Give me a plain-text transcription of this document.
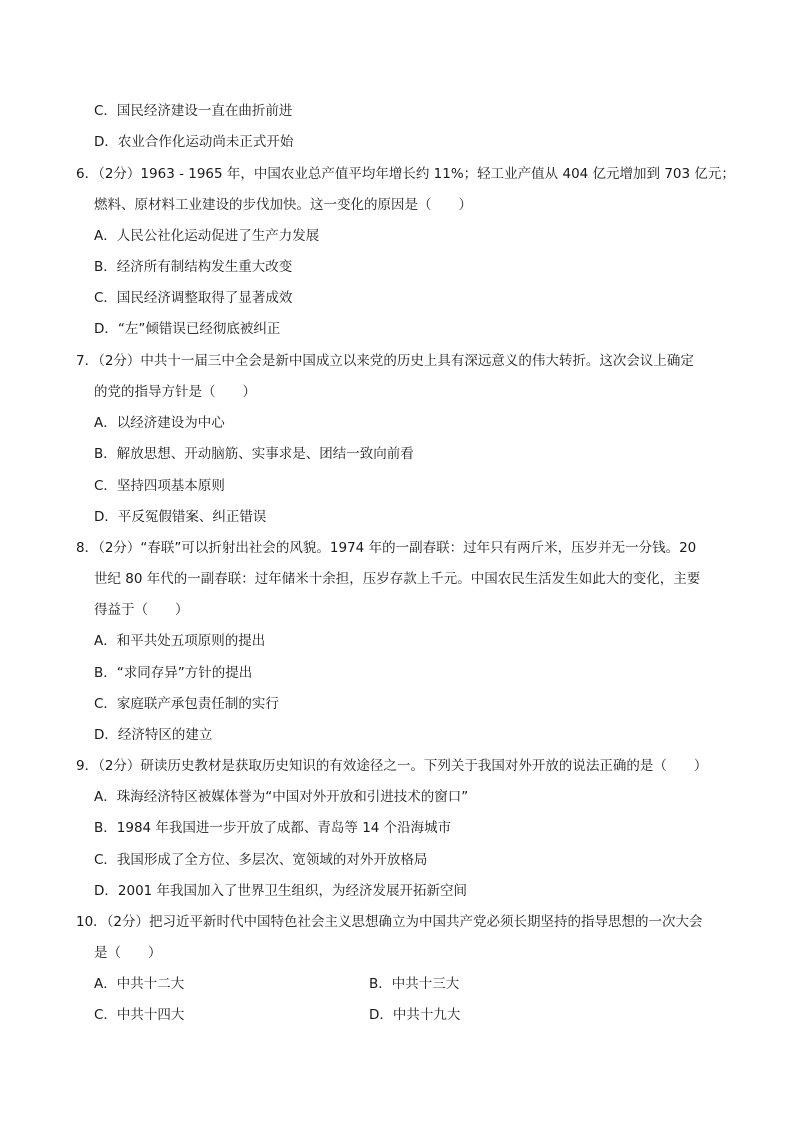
C．国民经济建设一直在曲折前进
D．农业合作化运动尚未正式开始
6．（2分）1963 - 1965 年，中国农业总产值平均年增长约 11%；轻工业产值从 404 亿元增加到 703 亿元；
燃料、原材料工业建设的步伐加快。这一变化的原因是（　　）
A．人民公社化运动促进了生产力发展
B．经济所有制结构发生重大改变
C．国民经济调整取得了显著成效
D．“左”倾错误已经彻底被纠正
7．（2分）中共十一届三中全会是新中国成立以来党的历史上具有深远意义的伟大转折。这次会议上确定
的党的指导方针是（　　）
A．以经济建设为中心
B．解放思想、开动脑筋、实事求是、团结一致向前看
C．坚持四项基本原则
D．平反冤假错案、纠正错误
8．（2分）“春联”可以折射出社会的风貌。1974 年的一副春联：过年只有两斤米，压岁并无一分钱。20
世纪 80 年代的一副春联：过年储米十余担，压岁存款上千元。中国农民生活发生如此大的变化，主要
得益于（　　）
A．和平共处五项原则的提出
B．“求同存异”方针的提出
C．家庭联产承包责任制的实行
D．经济特区的建立
9．（2分）研读历史教材是获取历史知识的有效途径之一。下列关于我国对外开放的说法正确的是（　　）
A．珠海经济特区被媒体誉为“中国对外开放和引进技术的窗口”
B．1984 年我国进一步开放了成都、青岛等 14 个沿海城市
C．我国形成了全方位、多层次、宽领域的对外开放格局
D．2001 年我国加入了世界卫生组织，为经济发展开拓新空间
10．（2分）把习近平新时代中国特色社会主义思想确立为中国共产党必须长期坚持的指导思想的一次大会
是（　　）
A．中共十二大	B．中共十三大
C．中共十四大	D．中共十九大
